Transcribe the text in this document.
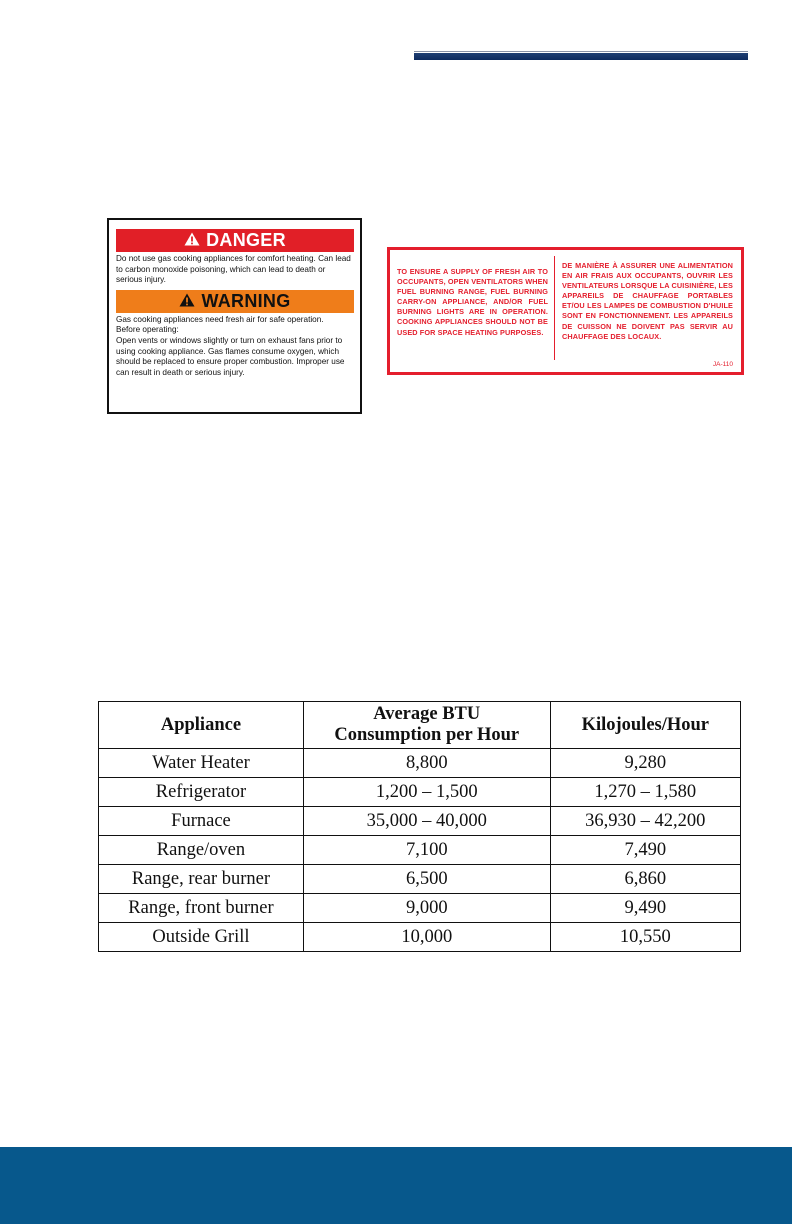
DANGER
Do not use gas cooking appliances for comfort heating. Can lead to carbon monoxide poisoning, which can lead to death or serious injury.
WARNING
Gas cooking appliances need fresh air for safe operation.
Before operating:
Open vents or windows slightly or turn on exhaust fans prior to using cooking appliance. Gas flames consume oxygen, which should be replaced to ensure proper combustion. Improper use can result in death or serious injury.
TO ENSURE A SUPPLY OF FRESH AIR TO OCCUPANTS, OPEN VENTILATORS WHEN FUEL BURNING RANGE, FUEL BURNING CARRY-ON APPLIANCE, AND/OR FUEL BURNING LIGHTS ARE IN OPERATION. COOKING APPLIANCES SHOULD NOT BE USED FOR SPACE HEATING PURPOSES.
DE MANIÈRE À ASSURER UNE ALIMENTATION EN AIR FRAIS AUX OCCUPANTS, OUVRIR LES VENTILATEURS LORSQUE LA CUISINIÈRE, LES APPAREILS DE CHAUFFAGE PORTABLES ET/OU LES LAMPES DE COMBUSTION D'HUILE SONT EN FONCTIONNEMENT. LES APPAREILS DE CUISSON NE DOIVENT PAS SERVIR AU CHAUFFAGE DES LOCAUX.
JA-110
Appliance	Average BTU Consumption per Hour	Kilojoules/Hour
Water Heater	8,800	9,280
Refrigerator	1,200 – 1,500	1,270 – 1,580
Furnace	35,000 – 40,000	36,930 – 42,200
Range/oven	7,100	7,490
Range, rear burner	6,500	6,860
Range, front burner	9,000	9,490
Outside Grill	10,000	10,550
